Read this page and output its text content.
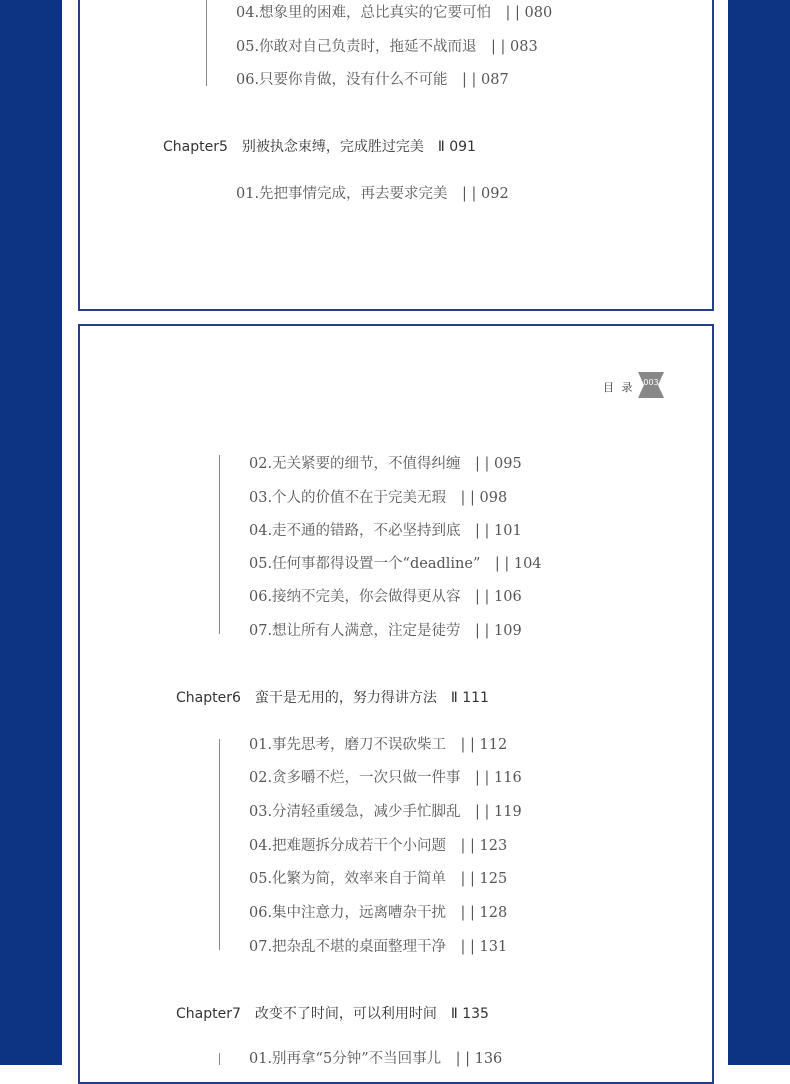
04.想象里的困难，总比真实的它要可怕　| | 080
05.你敢对自己负责时，拖延不战而退　| | 083
06.只要你肯做，没有什么不可能　| | 087
Chapter5　别被执念束缚，完成胜过完美　Ⅱ 091
01.先把事情完成，再去要求完美　| | 092
目 录	003
02.无关紧要的细节，不值得纠缠　| | 095
03.个人的价值不在于完美无瑕　| | 098
04.走不通的错路，不必坚持到底　| | 101
05.任何事都得设置一个“deadline”　| | 104
06.接纳不完美，你会做得更从容　| | 106
07.想让所有人满意，注定是徒劳　| | 109
Chapter6　蛮干是无用的，努力得讲方法　Ⅱ 111
01.事先思考，磨刀不误砍柴工　| | 112
02.贪多嚼不烂，一次只做一件事　| | 116
03.分清轻重缓急，减少手忙脚乱　| | 119
04.把难题拆分成若干个小问题　| | 123
05.化繁为简，效率来自于简单　| | 125
06.集中注意力，远离嘈杂干扰　| | 128
07.把杂乱不堪的桌面整理干净　| | 131
Chapter7　改变不了时间，可以利用时间　Ⅱ 135
01.别再拿“5分钟”不当回事儿　| | 136
